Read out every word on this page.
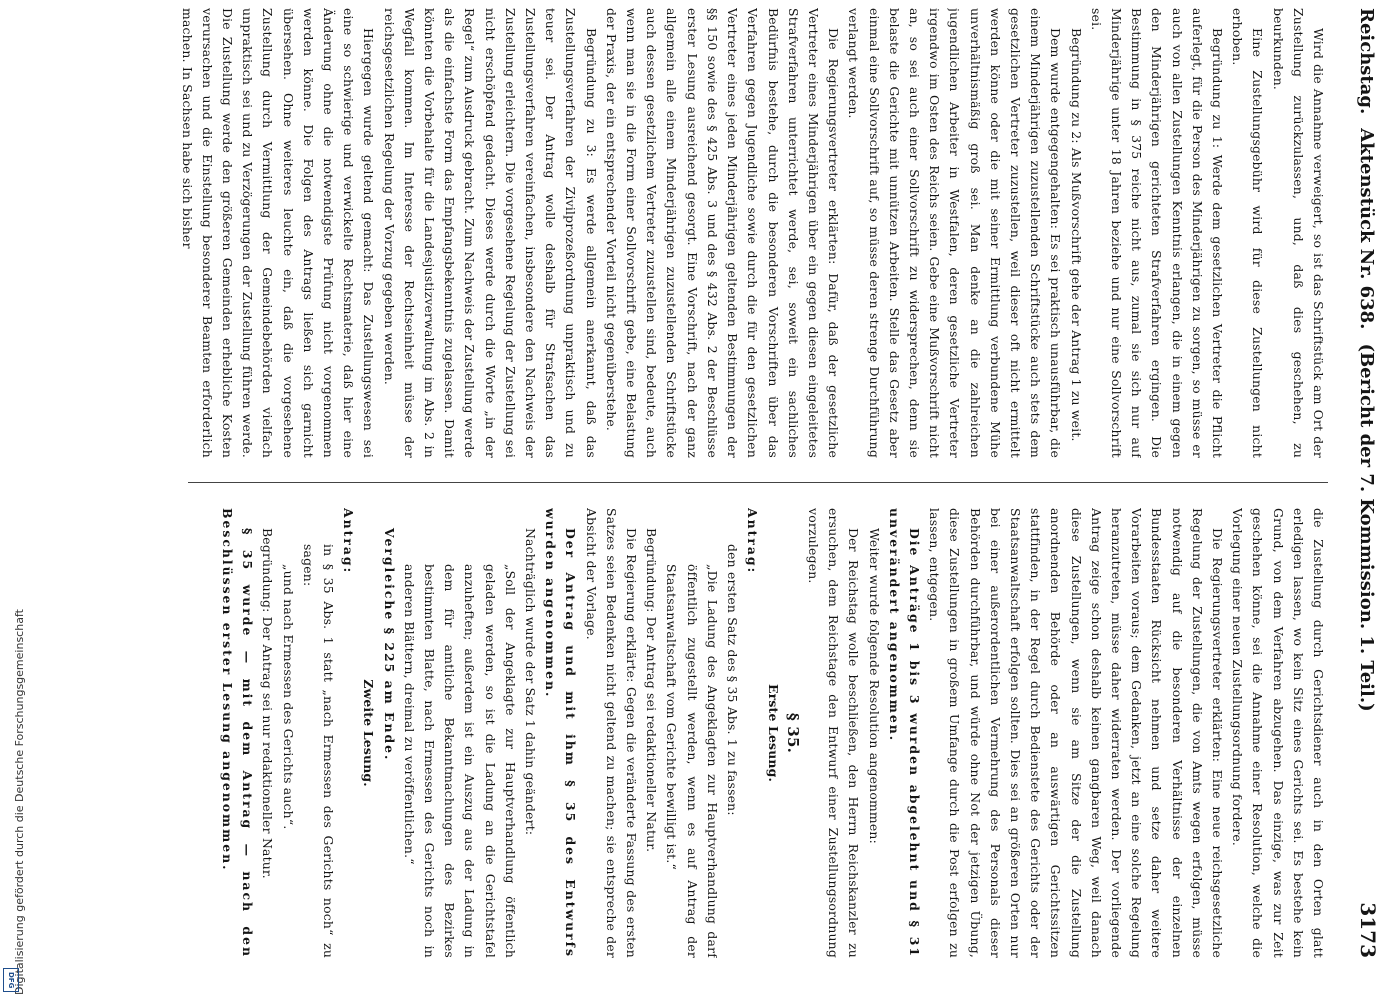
Digitalisierung gefördert durch die Deutsche Forschungsgemeinschaft
DFG
Reichstag.
Aktenstück Nr. 638.
(Bericht der 7. Kommission. 1. Teil.)
3173

Wird die Annahme verweigert, so ist das Schriftstück am Ort der Zustellung zurückzulassen, und, daß dies geschehen, zu beurkunden.

Eine Zustellungsgebühr wird für diese Zustellungen nicht erhoben.

Begründung zu 1: Werde dem gesetzlichen Vertreter die Pflicht auferlegt, für die Person des Minderjährigen zu sorgen, so müsse er auch von allen Zustellungen Kenntnis erlangen, die in einem gegen den Minderjährigen gerichteten Strafverfahren ergingen. Die Bestimmung in § 375 reiche nicht aus, zumal sie sich nur auf Minderjährige unter 18 Jahren beziehe und nur eine Sollvorschrift sei.

Begründung zu 2: Als Mußvorschrift gehe der Antrag 1 zu weit.

Dem wurde entgegengehalten: Es sei praktisch unausführbar, die einem Minderjährigen zuzustellenden Schriftstücke auch stets dem gesetzlichen Vertreter zuzustellen, weil dieser oft nicht ermittelt werden könne oder die mit seiner Ermittlung verbundene Mühe unverhältnismäßig groß sei. Man denke an die zahlreichen jugendlichen Arbeiter in Westfalen, deren gesetzliche Vertreter irgendwo im Osten des Reichs seien. Gebe eine Mußvorschrift nicht an, so sei auch einer Sollvorschrift zu widersprechen, denn sie belaste die Gerichte mit unnützen Arbeiten. Stelle das Gesetz aber einmal eine Sollvorschrift auf, so müsse deren strenge Durchführung verlangt werden.

Die Regierungsvertreter erklärten: Dafür, daß der gesetzliche Vertreter eines Minderjährigen über ein gegen diesen eingeleitetes Strafverfahren unterrichtet werde, sei, soweit ein sachliches Bedürfnis bestehe, durch die besonderen Vorschriften über das Verfahren gegen Jugendliche sowie durch die für den gesetzlichen Vertreter eines jeden Minderjährigen geltenden Bestimmungen der §§ 150 sowie des § 425 Abs. 3 und des § 432 Abs. 2 der Beschlüsse erster Lesung ausreichend gesorgt. Eine Vorschrift, nach der ganz allgemein alle einem Minderjährigen zuzustellenden Schriftstücke auch dessen gesetzlichem Vertreter zuzustellen sind, bedeute, auch wenn man sie in die Form einer Sollvorschrift gebe, eine Belastung der Praxis, der ein entsprechender Vorteil nicht gegenüberstehe.

Begründung zu 3: Es werde allgemein anerkannt, daß das Zustellungsverfahren der Zivilprozeßordnung unpraktisch und zu teuer sei. Der Antrag wolle deshalb für Strafsachen das Zustellungsverfahren vereinfachen, insbesondere den Nachweis der Zustellung erleichtern. Die vorgesehene Regelung der Zustellung sei nicht erschöpfend gedacht. Dieses werde durch die Worte „in der Regel“ zum Ausdruck gebracht. Zum Nachweis der Zustellung werde als die einfachste Form das Empfangsbekenntnis zugelassen. Damit könnten die Vorbehalte für die Landesjustizverwaltung im Abs. 2 in Wegfall kommen. Im Interesse der Rechtseinheit müsse der reichsgesetzlichen Regelung der Vorzug gegeben werden.

Hiergegen wurde geltend gemacht: Das Zustellungswesen sei eine so schwierige und verwickelte Rechtsmaterie, daß hier eine Änderung ohne die notwendigste Prüfung nicht vorgenommen werden könne. Die Folgen des Antrags ließen sich garnicht übersehen. Ohne weiteres leuchte ein, daß die vorgesehene Zustellung durch Vermittlung der Gemeindebehörden vielfach unpraktisch sei und zu Verzögerungen der Zustellung führen werde. Die Zustellung werde den größeren Gemeinden erhebliche Kosten verursachen und die Einstellung besonderer Beamten erforderlich machen. In Sachsen habe sich bisher

die Zustellung durch Gerichtsdiener auch in den Orten glatt erledigen lassen, wo kein Sitz eines Gerichts sei. Es bestehe kein Grund, von dem Verfahren abzugehen. Das einzige, was zur Zeit geschehen könne, sei die Annahme einer Resolution, welche die Vorlegung einer neuen Zustellungsordnung fordere.

Die Regierungsvertreter erklärten: Eine neue reichsgesetzliche Regelung der Zustellungen, die von Amts wegen erfolgen, müsse notwendig auf die besonderen Verhältnisse der einzelnen Bundesstaaten Rücksicht nehmen und setze daher weitere Vorarbeiten voraus; dem Gedanken, jetzt an eine solche Regelung heranzutreten, müsse daher widerraten werden. Der vorliegende Antrag zeige schon deshalb keinen gangbaren Weg, weil danach diese Zustellungen, wenn sie am Sitze der die Zustellung anordnenden Behörde oder an auswärtigen Gerichtssitzen stattfinden, in der Regel durch Bedienstete des Gerichts oder der Staatsanwaltschaft erfolgen sollten. Dies sei an größeren Orten nur bei einer außerordentlichen Vermehrung des Personals dieser Behörden durchführbar, und würde ohne Not der jetzigen Übung, diese Zustellungen in großem Umfange durch die Post erfolgen zu lassen, entgegen.

Die Anträge 1 bis 3 wurden abgelehnt und § 31 unverändert angenommen.

Weiter wurde folgende Resolution angenommen:

Der Reichstag wolle beschließen, den Herrn Reichskanzler zu ersuchen, dem Reichstage den Entwurf einer Zustellungsordnung vorzulegen.

§ 35.

Erste Lesung.

Antrag:

den ersten Satz des § 35 Abs. 1 zu fassen:

„Die Ladung des Angeklagten zur Hauptverhandlung darf öffentlich zugestellt werden, wenn es auf Antrag der Staatsanwaltschaft vom Gerichte bewilligt ist.“

Begründung: Der Antrag sei redaktioneller Natur.

Die Regierung erklärte: Gegen die veränderte Fassung des ersten Satzes seien Bedenken nicht geltend zu machen; sie entspreche der Absicht der Vorlage.

Der Antrag und mit ihm § 35 des Entwurfs wurden angenommen.

Nachträglich wurde der Satz 1 dahin geändert:

„Soll der Angeklagte zur Hauptverhandlung öffentlich geladen werden, so ist die Ladung an die Gerichtstafel anzuheften; außerdem ist ein Auszug aus der Ladung in dem für amtliche Bekanntmachungen des Bezirkes bestimmten Blatte, nach Ermessen des Gerichts noch in anderen Blättern, dreimal zu veröffentlichen.“

Vergleiche § 225 am Ende.

Zweite Lesung.

Antrag:

in § 35 Abs. 1 statt „nach Ermessen des Gerichts noch“ zu sagen:

„und nach Ermessen des Gerichts auch“.

Begründung: Der Antrag sei nur redaktioneller Natur.

§ 35 wurde — mit dem Antrag — nach den Beschlüssen erster Lesung angenommen.
